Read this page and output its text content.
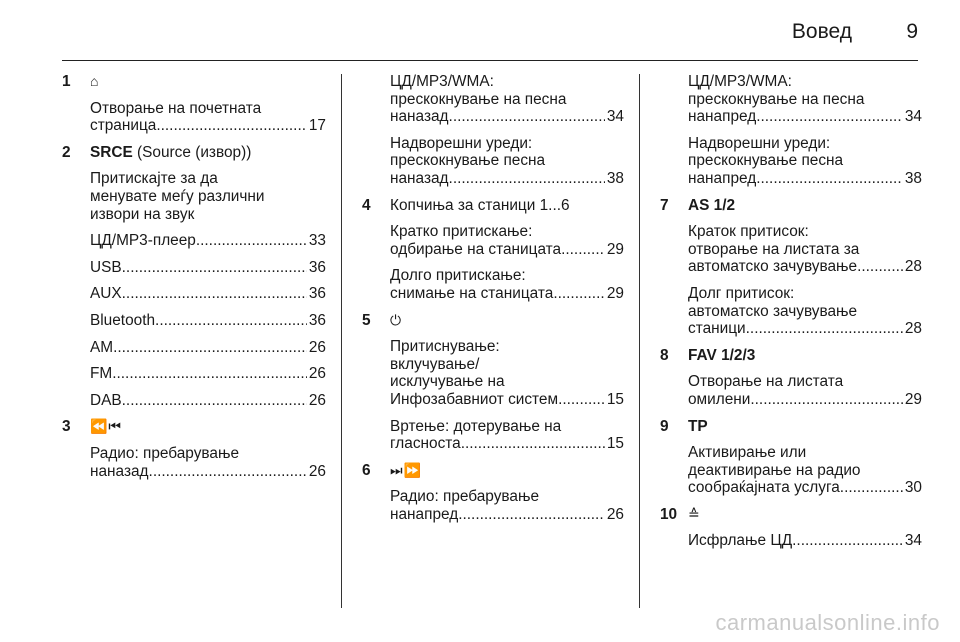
Вовед	9
1 ⌂
Отворање на почетната
страница .....	17
2 SRCE (Source (извор))
Притискајте за да
менувате меѓу различни
извори на звук
ЦД/MP3-плеер .....	33
USB .....	36
AUX .....	36
Bluetooth .....	36
AM .....	26
FM .....	26
DAB .....	26
3 ⏪⏮
Радио: пребарување
наназад .....	26
ЦД/MP3/WMA:
прескокнување на песна
наназад .....	34
Надворешни уреди:
прескокнување песна
наназад .....	38
4 Копчиња за станици 1...6
Кратко притискање:
одбирање на станицата .....	29
Долго притискање:
снимање на станицата .....	29
5 ⏻
Притиснување:
вклучување/
исклучување на
Инфозабавниот систем .....	15
Вртење: дотерување на
гласноста .....	15
6 ⏭⏩
Радио: пребарување
нанапред .....	26
ЦД/MP3/WMA:
прескокнување на песна
нанапред .....	34
Надворешни уреди:
прескокнување песна
нанапред .....	38
7 AS 1/2
Краток притисок:
отворање на листата за
автоматско зачувување .....	28
Долг притисок:
автоматско зачувување
станици .....	28
8 FAV 1/2/3
Отворање на листата
омилени .....	29
9 TP
Активирање или
деактивирање на радио
сообраќајната услуга .....	30
10 ≙
Исфрлање ЦД .....	34
carmanualsonline.info
